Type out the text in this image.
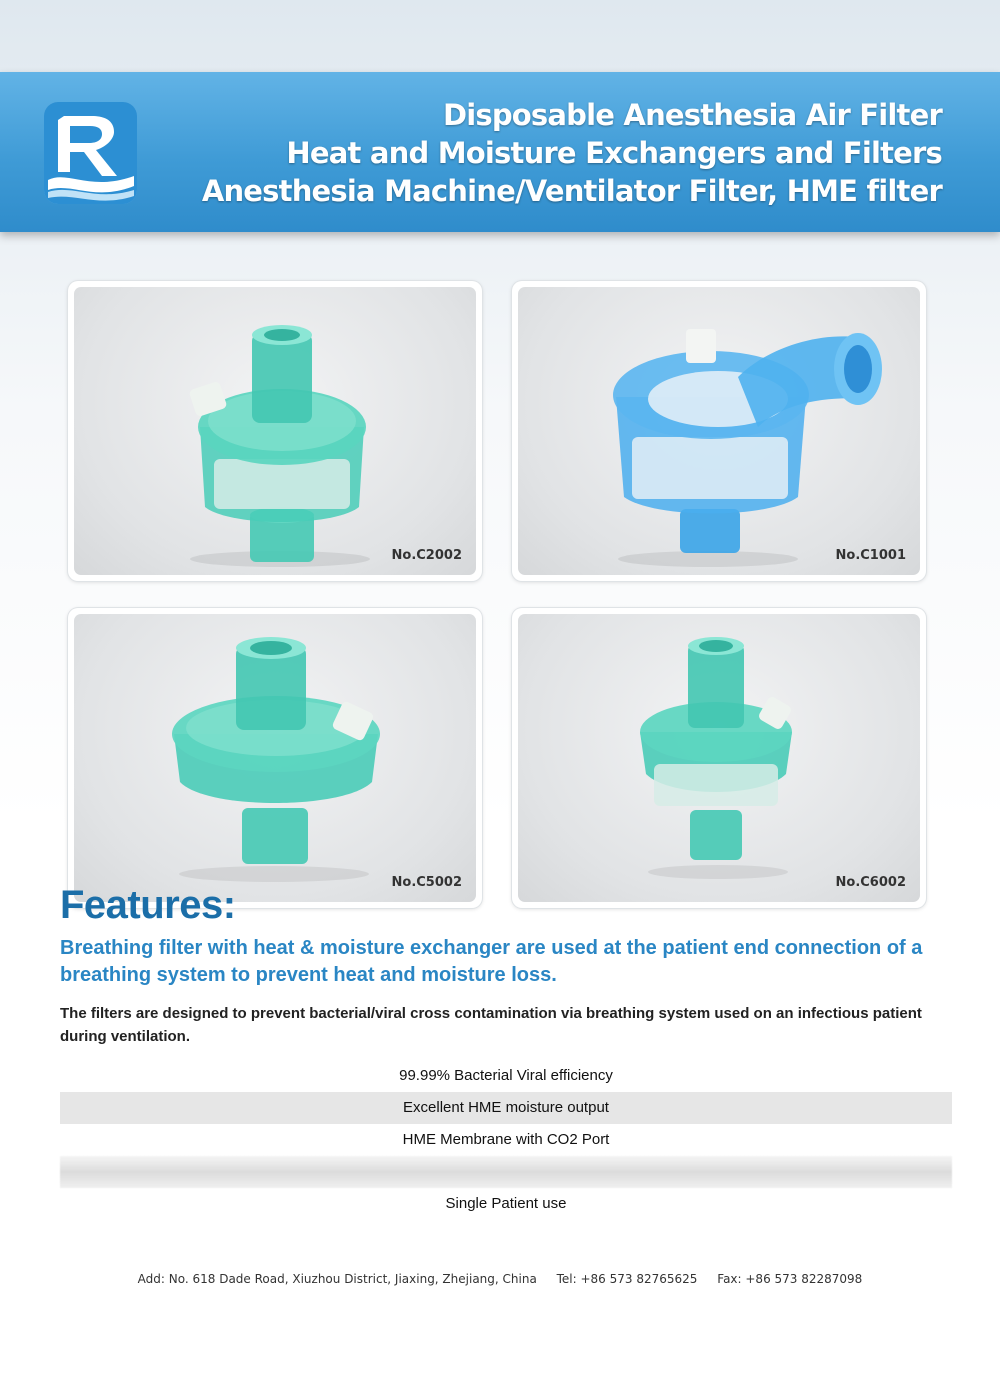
Disposable Anesthesia Air Filter
Heat and Moisture Exchangers and Filters
Anesthesia Machine/Ventilator Filter, HME filter
No.C2002	No.C1001
No.C5002	No.C6002
Features:

Breathing filter with heat & moisture exchanger are used at the patient end connection of a breathing system to prevent heat and moisture loss.

The filters are designed to prevent bacterial/viral cross contamination via breathing system used on an infectious patient during ventilation.

99.99% Bacterial Viral efficiency
Excellent HME moisture output
HME Membrane with CO2 Port
Single Patient use
Add: No. 618 Dade Road, Xiuzhou District, Jiaxing, Zhejiang, China Tel: +86 573 82765625 Fax: +86 573 82287098
